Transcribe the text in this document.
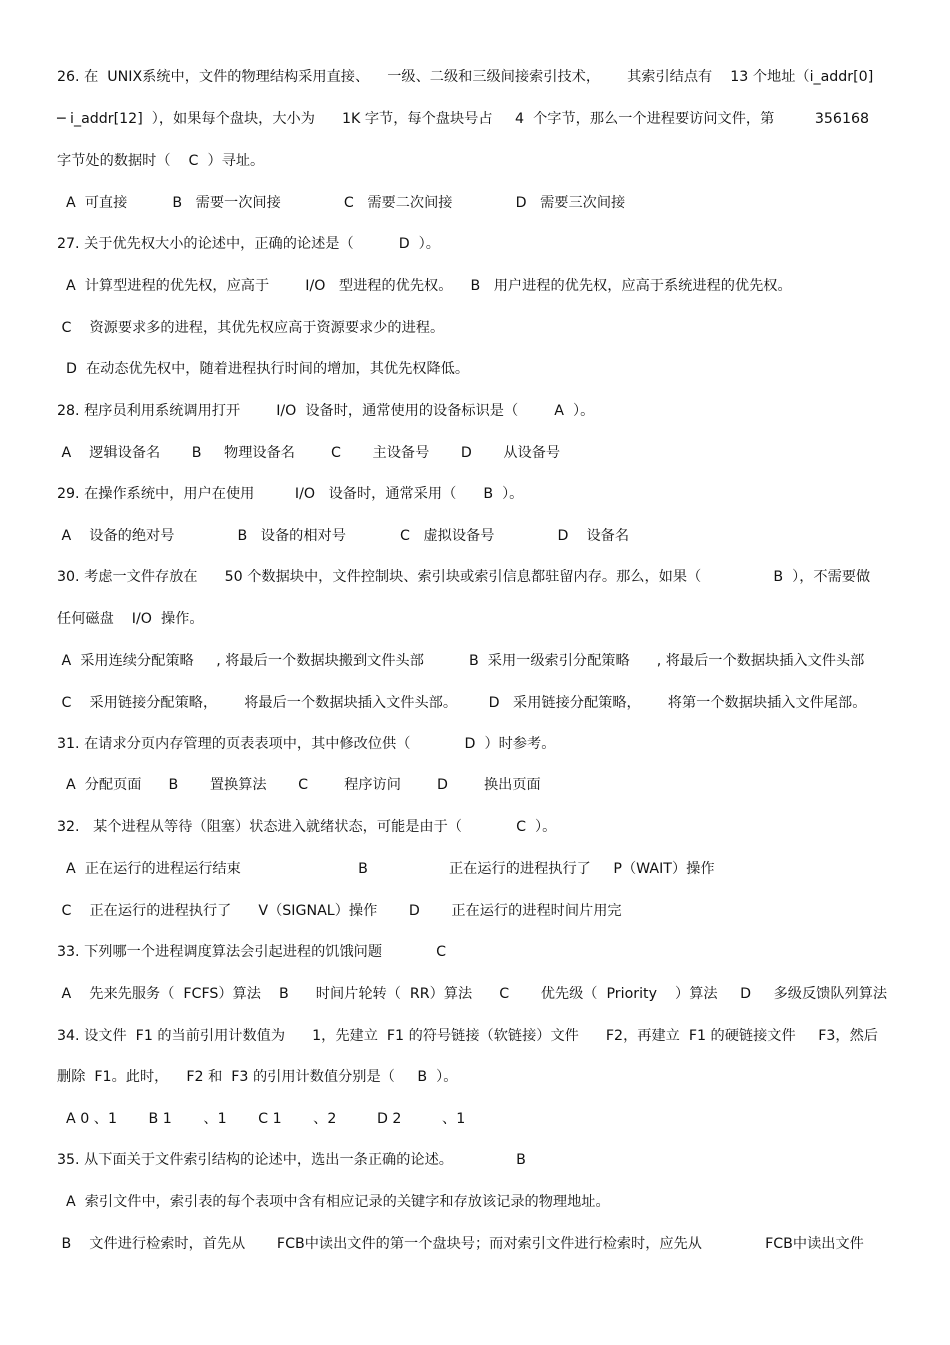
26. 在  UNIX系统中，文件的物理结构采用直接、    一级、二级和三级间接索引技术，      其索引结点有    13 个地址（i_addr[0]
─ i_addr[12]  ），如果每个盘块，大小为      1K 字节，每个盘块号占     4  个字节，那么一个进程要访问文件，第         356168
字节处的数据时（    C  ）寻址。
A  可直接          B   需要一次间接              C   需要二次间接              D   需要三次间接
27. 关于优先权大小的论述中，正确的论述是（          D  ）。
A  计算型进程的优先权，应高于        I/O   型进程的优先权。    B   用户进程的优先权，应高于系统进程的优先权。
C    资源要求多的进程，其优先权应高于资源要求少的进程。
D  在动态优先权中，随着进程执行时间的增加，其优先权降低。
28. 程序员利用系统调用打开        I/O  设备时，通常使用的设备标识是（        A  ）。
A    逻辑设备名       B     物理设备名        C       主设备号       D       从设备号
29. 在操作系统中，用户在使用         I/O   设备时，通常采用（      B  ）。
A    设备的绝对号              B   设备的相对号            C   虚拟设备号              D    设备名
30. 考虑一文件存放在      50 个数据块中，文件控制块、索引块或索引信息都驻留内存。那么，如果（                B  ），不需要做
任何磁盘    I/O  操作。
A  采用连续分配策略     , 将最后一个数据块搬到文件头部          B  采用一级索引分配策略      , 将最后一个数据块插入文件头部
C    采用链接分配策略，      将最后一个数据块插入文件头部。       D   采用链接分配策略，      将第一个数据块插入文件尾部。
31. 在请求分页内存管理的页表表项中，其中修改位供（            D  ）时参考。
A  分配页面      B       置换算法       C        程序访问        D        换出页面
32.   某个进程从等待（阻塞）状态进入就绪状态，可能是由于（            C  ）。
A  正在运行的进程运行结束                          B                  正在运行的进程执行了     P（WAIT）操作
C    正在运行的进程执行了      V（SIGNAL）操作       D       正在运行的进程时间片用完
33. 下列哪一个进程调度算法会引起进程的饥饿问题            C
A    先来先服务（  FCFS）算法    B      时间片轮转（  RR）算法      C       优先级（  Priority    ）算法     D     多级反馈队列算法
34. 设文件  F1 的当前引用计数值为      1，先建立  F1 的符号链接（软链接）文件      F2，再建立  F1 的硬链接文件     F3，然后
删除  F1。此时，    F2 和  F3 的引用计数值分别是（     B  ）。
A 0 、1       B 1       、1       C 1       、2         D 2         、1
35. 从下面关于文件索引结构的论述中，选出一条正确的论述。              B
A  索引文件中，索引表的每个表项中含有相应记录的关键字和存放该记录的物理地址。
B    文件进行检索时，首先从       FCB中读出文件的第一个盘块号；而对索引文件进行检索时，应先从              FCB中读出文件
